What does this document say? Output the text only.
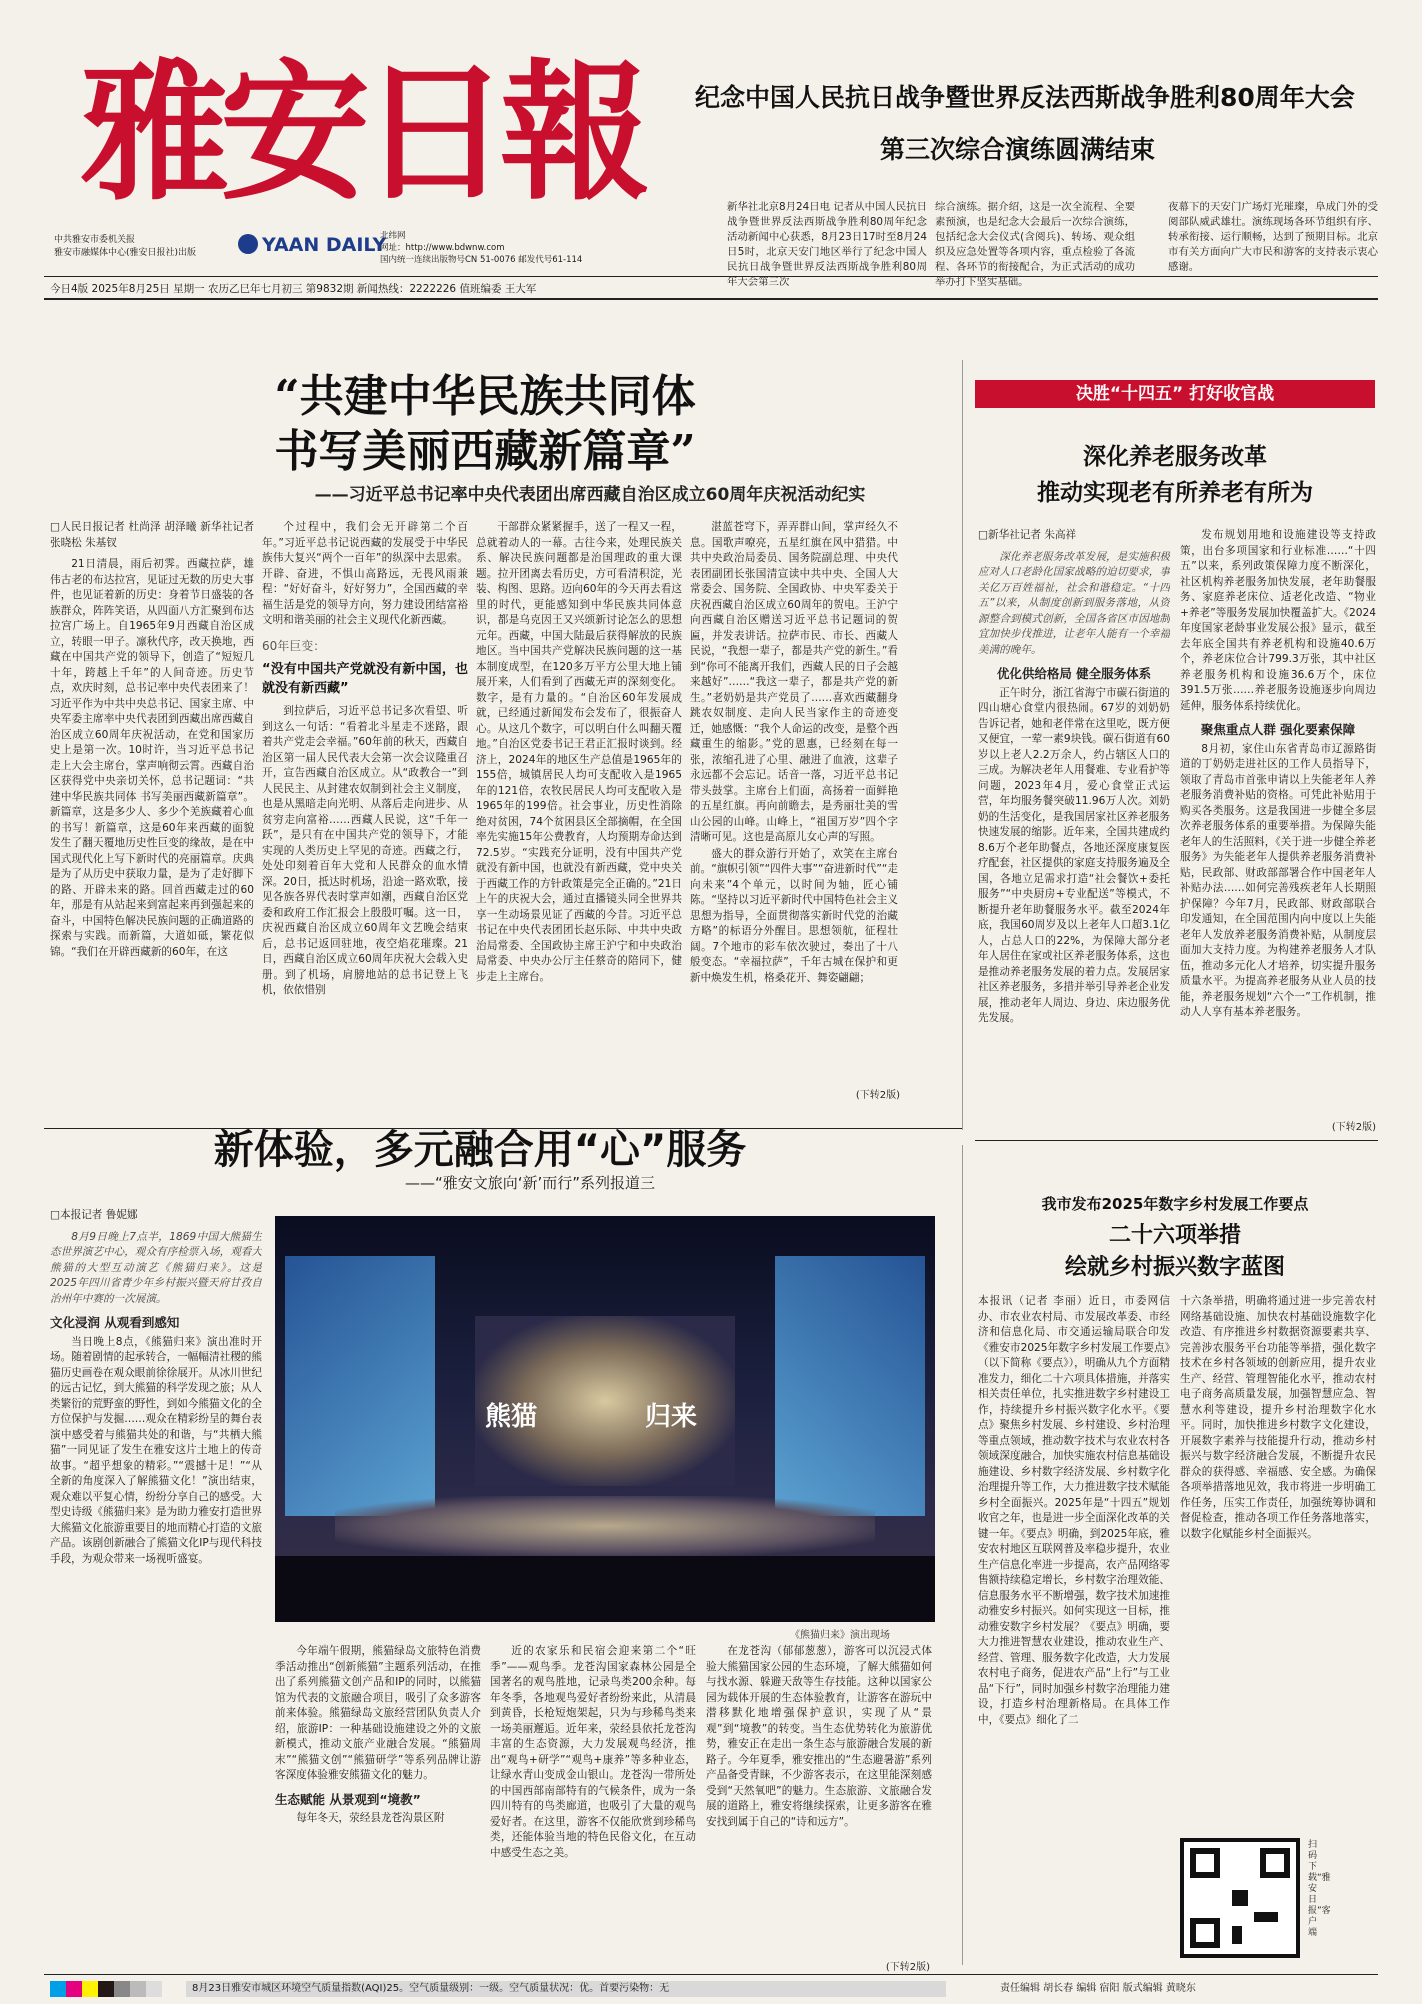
雅安日報
中共雅安市委机关报
雅安市融媒体中心(雅安日报社)出版	YAAN DAILY
北纬网
网址：http://www.bdwnw.com
国内统一连续出版物号CN 51-0076 邮发代号61-114
今日4版 2025年8月25日 星期一 农历乙巳年七月初三 第9832期 新闻热线：2222226 值班编委 王大军
纪念中国人民抗日战争暨世界反法西斯战争胜利80周年大会
第三次综合演练圆满结束
新华社北京8月24日电 记者从中国人民抗日战争暨世界反法西斯战争胜利80周年纪念活动新闻中心获悉，8月23日17时至8月24日5时，北京天安门地区举行了纪念中国人民抗日战争暨世界反法西斯战争胜利80周年大会第三次
综合演练。据介绍，这是一次全流程、全要素预演，也是纪念大会最后一次综合演练，包括纪念大会仪式(含阅兵)、转场、观众组织及应急处置等各项内容，重点检验了各流程、各环节的衔接配合，为正式活动的成功举办打下坚实基础。
夜幕下的天安门广场灯光璀璨，阜成门外的受阅部队威武雄壮。演练现场各环节组织有序、转承衔接、运行顺畅，达到了预期目标。北京市有关方面向广大市民和游客的支持表示衷心感谢。
“共建中华民族共同体
书写美丽西藏新篇章”
——习近平总书记率中央代表团出席西藏自治区成立60周年庆祝活动纪实
□人民日报记者 杜尚泽 胡泽曦 新华社记者 张晓松 朱基钗

21日清晨，雨后初霁。西藏拉萨，雄伟古老的布达拉宫，见证过无数的历史大事件，也见证着新的历史：身着节日盛装的各族群众，阵阵笑语，从四面八方汇聚到布达拉宫广场上。自1965年9月西藏自治区成立，转眼一甲子。凛秋代序，改天换地，西藏在中国共产党的领导下，创造了“短短几十年，跨越上千年”的人间奇迹。历史节点，欢庆时刻，总书记率中央代表团来了！习近平作为中共中央总书记、国家主席、中央军委主席率中央代表团到西藏出席西藏自治区成立60周年庆祝活动，在党和国家历史上是第一次。10时许，当习近平总书记走上大会主席台，掌声响彻云霄。西藏自治区获得党中央亲切关怀，总书记题词：“共建中华民族共同体 书写美丽西藏新篇章”。新篇章，这是多少人、多少个羌族藏着心血的书写！新篇章，这是60年来西藏的面貌发生了翻天覆地历史性巨变的缘故，是在中国式现代化上写下新时代的亮丽篇章。庆典是为了从历史中获取力量，是为了走好脚下的路、开辟未来的路。回首西藏走过的60年，那是有从站起来到富起来再到强起来的奋斗，中国特色解决民族问题的正确道路的探索与实践。而新篇，大道如砥，繁花似锦。“我们在开辟西藏新的60年，在这

个过程中，我们会无开辟第二个百年。”习近平总书记说西藏的发展受于中华民族伟大复兴“两个一百年”的纵深中去思索。开辟、奋进，不惧山高路远，无畏风雨兼程：“好好奋斗，好好努力”，全国西藏的幸福生活是党的领导方向，努力建设团结富裕文明和谐美丽的社会主义现代化新西藏。

60年巨变：
“没有中国共产党就没有新中国，也就没有新西藏”

到拉萨后，习近平总书记多次看望、听到这么一句话：“看着北斗星走不迷路，跟着共产党走会幸福。”60年前的秋天，西藏自治区第一届人民代表大会第一次会议隆重召开，宣告西藏自治区成立。从“政教合一”到人民民主、从封建农奴制到社会主义制度，也是从黑暗走向光明、从落后走向进步、从贫穷走向富裕……西藏人民说，这“千年一跃”，是只有在中国共产党的领导下，才能实现的人类历史上罕见的奇迹。西藏之行，处处印刻着百年大党和人民群众的血水情深。20日，抵达时机场，沿途一路欢歌，接见各族各界代表时掌声如潮，西藏自治区党委和政府工作汇报会上殷殷叮嘱。这一日，庆祝西藏自治区成立60周年文艺晚会结束后，总书记返回驻地，夜空焰花璀璨。21日，西藏自治区成立60周年庆祝大会载入史册。到了机场，肩膀地站的总书记登上飞机，依依惜别

干部群众紧紧握手，送了一程又一程，总就着动人的一幕。古往今来，处理民族关系、解决民族问题都是治国理政的重大课题。拉开团离去看历史，方可看清积淀，光装、构图、思路。迈向60年的今天再去看这里的时代，更能感知到中华民族共同体意识，都是乌克因王又兴颂新讨论怎么的思想元年。西藏，中国大陆最后获得解放的民族地区。当中国共产党解决民族问题的这一基本制度成型，在120多万平方公里大地上铺展开来，人们看到了西藏无声的深刻变化。数字，是有力量的。“自治区60年发展成就，已经通过新闻发布会发布了，很振奋人心。从这几个数字，可以明白什么叫翻天覆地。”自治区党委书记王君正汇报时谈到。经济上，2024年的地区生产总值是1965年的155倍，城镇居民人均可支配收入是1965年的121倍，农牧民居民人均可支配收入是1965年的199倍。社会事业，历史性消除绝对贫困，74个贫困县区全部摘帽，在全国率先实施15年公费教育，人均预期寿命达到72.5岁。“实践充分证明，没有中国共产党就没有新中国，也就没有新西藏，党中央关于西藏工作的方针政策是完全正确的。”21日上午的庆祝大会，通过直播镜头同全世界共享一生动场景见证了西藏的今昔。习近平总书记在中央代表团团长赵乐际、中共中央政治局常委、全国政协主席王沪宁和中央政治局常委、中央办公厅主任蔡奇的陪同下，健步走上主席台。

湛蓝苍穹下，弄弄群山间，掌声经久不息。国歌声嘹亮，五星红旗在风中猎猎。中共中央政治局委员、国务院副总理、中央代表团副团长张国清宣读中共中央、全国人大常委会、国务院、全国政协、中央军委关于庆祝西藏自治区成立60周年的贺电。王沪宁向西藏自治区赠送习近平总书记题词的贺匾，并发表讲话。拉萨市民、市长、西藏人民说，“我想一辈子，都是共产党的新生。”看到“你可不能离开我们，西藏人民的日子会越来越好”……“我这一辈子，都是共产党的新生。”老奶奶是共产党员了……喜欢西藏翻身跳农奴制度、走向人民当家作主的奇迹变迁，她感慨：“我个人命运的改变，是整个西藏重生的缩影。”党的恩惠，已经刻在每一张，浓缩孔进了心里、融进了血液，这辈子永远都不会忘记。话音一落，习近平总书记带头鼓掌。主席台上们面，高扬着一面鲜艳的五星红旗。再向前瞻去，是秀丽壮美的雪山公园的山峰。山峰上，“祖国万岁”四个字清晰可见。这也是高原儿女心声的写照。

盛大的群众游行开始了，欢笑在主席台前。“旗帜引领”“四件大事”“奋进新时代”“走向未来”4个单元，以时间为轴，匠心铺陈。“坚持以习近平新时代中国特色社会主义思想为指导，全面贯彻落实新时代党的治藏方略”的标语分外醒目。思想领航，征程壮阔。7个地市的彩车依次驶过，奏出了十八般变态。“幸福拉萨”，千年古城在保护和更新中焕发生机，格桑花开、舞姿翩翩；

(下转2版)
决胜“十四五” 打好收官战
深化养老服务改革
推动实现老有所养老有所为
□新华社记者 朱高祥

深化养老服务改革发展，是实施积极应对人口老龄化国家战略的迫切要求，事关亿万百姓福祉，社会和谐稳定。“十四五”以来，从制度创新到服务落地，从资源整合到模式创新，全国各省区市因地制宜加快步伐推进，让老年人能有一个幸福美满的晚年。

优化供给格局 健全服务体系

正午时分，浙江省海宁市碳石街道的四山塘心食堂内很热闹。67岁的刘奶奶告诉记者，她和老伴常在这里吃，既方便又便宜，一荤一素9块钱。碳石街道有60岁以上老人2.2万余人，约占辖区人口的三成。为解决老年人用餐难、专业看护等问题，2023年4月，爱心食堂正式运营，年均服务餐突破11.96万人次。刘奶奶的生活变化，是我国居家社区养老服务快速发展的缩影。近年来，全国共建成约8.6万个老年助餐点，各地还深度康复医疗配套，社区提供的家庭支持服务遍及全国，各地立足需求打造“社会餐饮+委托服务”“中央厨房+专业配送”等模式，不断提升老年助餐服务水平。截至2024年底，我国60周岁及以上老年人口超3.1亿人，占总人口的22%，为保障大部分老年人居住在家或社区养老服务体系，这也是推动养老服务发展的着力点。发展居家社区养老服务，多措并举引导养老企业发展，推动老年人周边、身边、床边服务优先发展。

发布规划用地和设施建设等支持政策，出台多项国家和行业标准……“十四五”以来，系列政策保障力度不断深化，社区机构养老服务加快发展，老年助餐服务、家庭养老床位、适老化改造、“物业+养老”等服务发展加快覆盖扩大。《2024年度国家老龄事业发展公报》显示，截至去年底全国共有养老机构和设施40.6万个，养老床位合计799.3万张，其中社区养老服务机构和设施36.6万个，床位391.5万张……养老服务设施逐步向周边延伸，服务体系持续优化。

聚焦重点人群 强化要素保障

8月初，家住山东省青岛市辽源路街道的丁奶奶走进社区的工作人员指导下，领取了青岛市首张申请以上失能老年人养老服务消费补贴的资格。可凭此补贴用于购买各类服务。这是我国进一步健全多层次养老服务体系的重要举措。为保障失能老年人的生活照料，《关于进一步健全养老服务》为失能老年人提供养老服务消费补贴，民政部、财政部部署合作中国老年人补贴办法……如何完善残疾老年人长期照护保障？今年7月，民政部、财政部联合印发通知，在全国范围内向中度以上失能老年人发放养老服务消费补贴，从制度层面加大支持力度。为构建养老服务人才队伍，推动多元化人才培养，切实提升服务质量水平。为提高养老服务从业人员的技能，养老服务规划“六个一”工作机制，推动人人享有基本养老服务。

(下转2版)
新体验，多元融合用“心”服务
——“雅安文旅向‘新’而行”系列报道三
□本报记者 鲁妮娜

8月9日晚上7点半，1869中国大熊猫生态世界演艺中心，观众有序检票入场，观看大熊猫的大型互动演艺《熊猫归来》。这是2025年四川省青少年乡村振兴暨天府甘孜自治州年中赛的一次展演。

文化浸润 从观看到感知

当日晚上8点，《熊猫归来》演出准时开场。随着剧情的起承转合，一幅幅清社稷的熊猫历史画卷在观众眼前徐徐展开。从冰川世纪的远古记忆，到大熊猫的科学发现之旅；从人类繁衍的荒野蛮的野性，到如今熊猫文化的全方位保护与发掘……观众在精彩纷呈的舞台表演中感受着与熊猫共处的和谐，与“共栖大熊猫”一同见证了发生在雅安这片土地上的传奇故事。“超乎想象的精彩。”“震撼十足！”“从全新的角度深入了解熊猫文化！”演出结束，观众难以平复心情，纷纷分享自己的感受。大型史诗级《熊猫归来》是为助力雅安打造世界大熊猫文化旅游重要目的地而精心打造的文旅产品。该剧创新融合了熊猫文化IP与现代科技手段，为观众带来一场视听盛宴。

熊猫	归来
《熊猫归来》演出现场

今年端午假期，熊猫绿岛文旅特色消费季活动推出“创新熊猫”主题系列活动，在推出了系列熊猫文创产品和IP的同时，以熊猫馆为代表的文旅融合项目，吸引了众多游客前来体验。熊猫绿岛文旅经营团队负责人介绍，旅游IP：一种基础设施建设之外的文旅新模式，推动文旅产业融合发展。“熊猫周末”“熊猫文创”“熊猫研学”等系列品牌让游客深度体验雅安熊猫文化的魅力。

生态赋能 从景观到“境教”

每年冬天，荥经县龙苍沟景区附

近的农家乐和民宿会迎来第二个“旺季”——观鸟季。龙苍沟国家森林公园是全国著名的观鸟胜地，记录鸟类200余种。每年冬季，各地观鸟爱好者纷纷来此，从清晨到黄昏，长枪短炮架起，只为与珍稀鸟类来一场美丽邂逅。近年来，荥经县依托龙苍沟丰富的生态资源，大力发展观鸟经济，推出“观鸟+研学”“观鸟+康养”等多种业态，让绿水青山变成金山银山。龙苍沟一带所处的中国西部南部特有的气候条件，成为一条四川特有的鸟类廊道，也吸引了大量的观鸟爱好者。在这里，游客不仅能欣赏到珍稀鸟类，还能体验当地的特色民俗文化，在互动中感受生态之美。

在龙苍沟（郁郁葱葱），游客可以沉浸式体验大熊猫国家公园的生态环境，了解大熊猫如何与找水源、躲避天敌等生存技能。这种以国家公园为载体开展的生态体验教育，让游客在游玩中潜移默化地增强保护意识，实现了从“景观”到“境教”的转变。当生态优势转化为旅游优势，雅安正在走出一条生态与旅游融合发展的新路子。今年夏季，雅安推出的“生态避暑游”系列产品备受青睐，不少游客表示，在这里能深刻感受到“天然氧吧”的魅力。生态旅游、文旅融合发展的道路上，雅安将继续探索，让更多游客在雅安找到属于自己的“诗和远方”。

(下转2版)
我市发布2025年数字乡村发展工作要点
二十六项举措
绘就乡村振兴数字蓝图
本报讯（记者 李丽）近日，市委网信办、市农业农村局、市发展改革委、市经济和信息化局、市交通运输局联合印发《雅安市2025年数字乡村发展工作要点》（以下简称《要点》），明确从九个方面精准发力，细化二十六项具体措施，并落实相关责任单位，扎实推进数字乡村建设工作，持续提升乡村振兴数字化水平。《要点》聚焦乡村发展、乡村建设、乡村治理等重点领域，推动数字技术与农业农村各领域深度融合，加快实施农村信息基础设施建设、乡村数字经济发展、乡村数字化治理提升等工作，大力推进数字技术赋能乡村全面振兴。2025年是“十四五”规划收官之年，也是进一步全面深化改革的关键一年。《要点》明确，到2025年底，雅安农村地区互联网普及率稳步提升，农业生产信息化率进一步提高，农产品网络零售额持续稳定增长，乡村数字治理效能、信息服务水平不断增强，数字技术加速推动雅安乡村振兴。如何实现这一目标，推动雅安数字乡村发展？《要点》明确，要大力推进智慧农业建设，推动农业生产、经营、管理、服务数字化改造，大力发展农村电子商务，促进农产品“上行”与工业品“下行”，同时加强乡村数字治理能力建设，打造乡村治理新格局。在具体工作中，《要点》细化了二
十六条举措，明确将通过进一步完善农村网络基础设施、加快农村基础设施数字化改造、有序推进乡村数据资源要素共享、完善涉农服务平台功能等举措，强化数字技术在乡村各领域的创新应用，提升农业生产、经营、管理智能化水平，推动农村电子商务高质量发展，加强智慧应急、智慧水利等建设，提升乡村治理数字化水平。同时，加快推进乡村数字文化建设，开展数字素养与技能提升行动，推动乡村振兴与数字经济融合发展，不断提升农民群众的获得感、幸福感、安全感。为确保各项举措落地见效，我市将进一步明确工作任务，压实工作责任，加强统筹协调和督促检查，推动各项工作任务落地落实，以数字化赋能乡村全面振兴。
扫码下载“雅安日报”客户端
8月23日雅安市城区环境空气质量指数(AQI)25。空气质量级别：一级。空气质量状况：优。首要污染物：无	责任编辑 胡长春 编辑 宿阳 版式编辑 黄晓东
